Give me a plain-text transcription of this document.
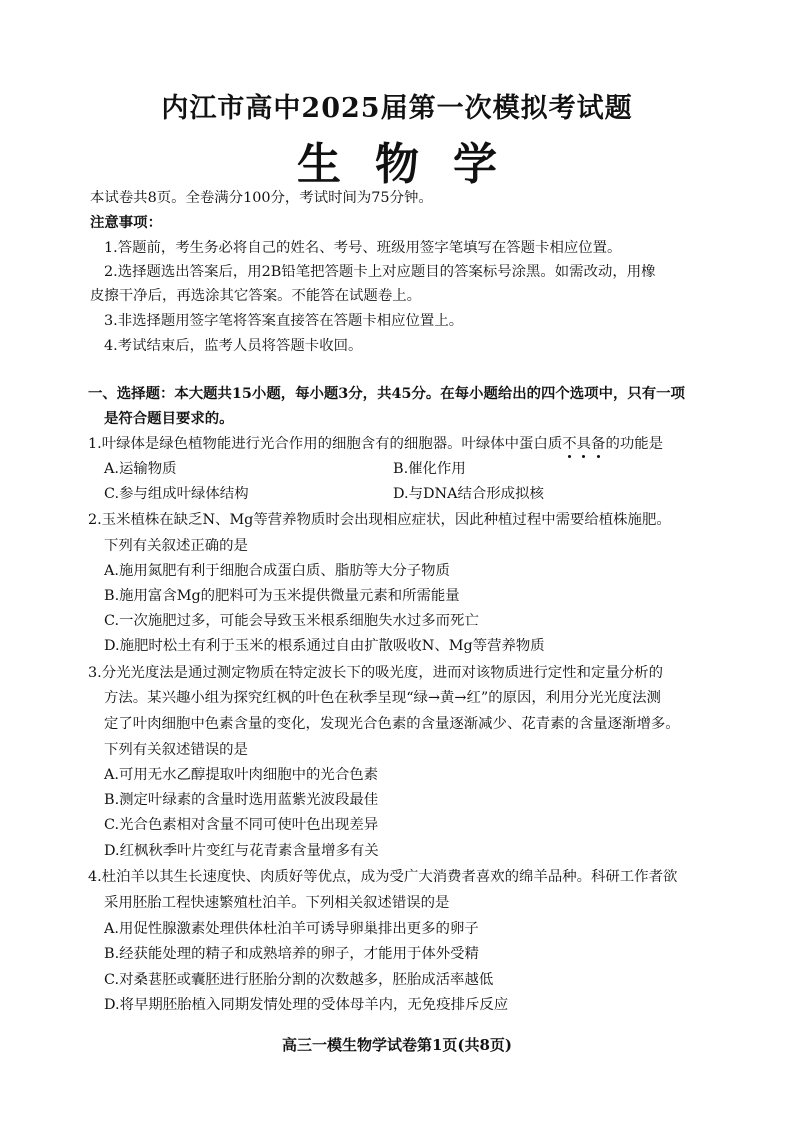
内江市高中2025届第一次模拟考试题
生物学
本试卷共8页。全卷满分100分，考试时间为75分钟。
注意事项：
1.答题前，考生务必将自己的姓名、考号、班级用签字笔填写在答题卡相应位置。
2.选择题选出答案后，用2B铅笔把答题卡上对应题目的答案标号涂黑。如需改动，用橡
皮擦干净后，再选涂其它答案。不能答在试题卷上。
3.非选择题用签字笔将答案直接答在答题卡相应位置上。
4.考试结束后，监考人员将答题卡收回。
一、选择题：本大题共15小题，每小题3分，共45分。在每小题给出的四个选项中，只有一项
是符合题目要求的。
1.叶绿体是绿色植物能进行光合作用的细胞含有的细胞器。叶绿体中蛋白质不具备的功能是
A.运输物质	B.催化作用
C.参与组成叶绿体结构	D.与DNA结合形成拟核
2.玉米植株在缺乏N、Mg等营养物质时会出现相应症状，因此种植过程中需要给植株施肥。
下列有关叙述正确的是
A.施用氮肥有利于细胞合成蛋白质、脂肪等大分子物质
B.施用富含Mg的肥料可为玉米提供微量元素和所需能量
C.一次施肥过多，可能会导致玉米根系细胞失水过多而死亡
D.施肥时松土有利于玉米的根系通过自由扩散吸收N、Mg等营养物质
3.分光光度法是通过测定物质在特定波长下的吸光度，进而对该物质进行定性和定量分析的
方法。某兴趣小组为探究红枫的叶色在秋季呈现“绿→黄→红”的原因，利用分光光度法测
定了叶肉细胞中色素含量的变化，发现光合色素的含量逐渐减少、花青素的含量逐渐增多。
下列有关叙述错误的是
A.可用无水乙醇提取叶肉细胞中的光合色素
B.测定叶绿素的含量时选用蓝紫光波段最佳
C.光合色素相对含量不同可使叶色出现差异
D.红枫秋季叶片变红与花青素含量增多有关
4.杜泊羊以其生长速度快、肉质好等优点，成为受广大消费者喜欢的绵羊品种。科研工作者欲
采用胚胎工程快速繁殖杜泊羊。下列相关叙述错误的是
A.用促性腺激素处理供体杜泊羊可诱导卵巢排出更多的卵子
B.经获能处理的精子和成熟培养的卵子，才能用于体外受精
C.对桑葚胚或囊胚进行胚胎分割的次数越多，胚胎成活率越低
D.将早期胚胎植入同期发情处理的受体母羊内，无免疫排斥反应
高三一模生物学试卷第1页(共8页)
